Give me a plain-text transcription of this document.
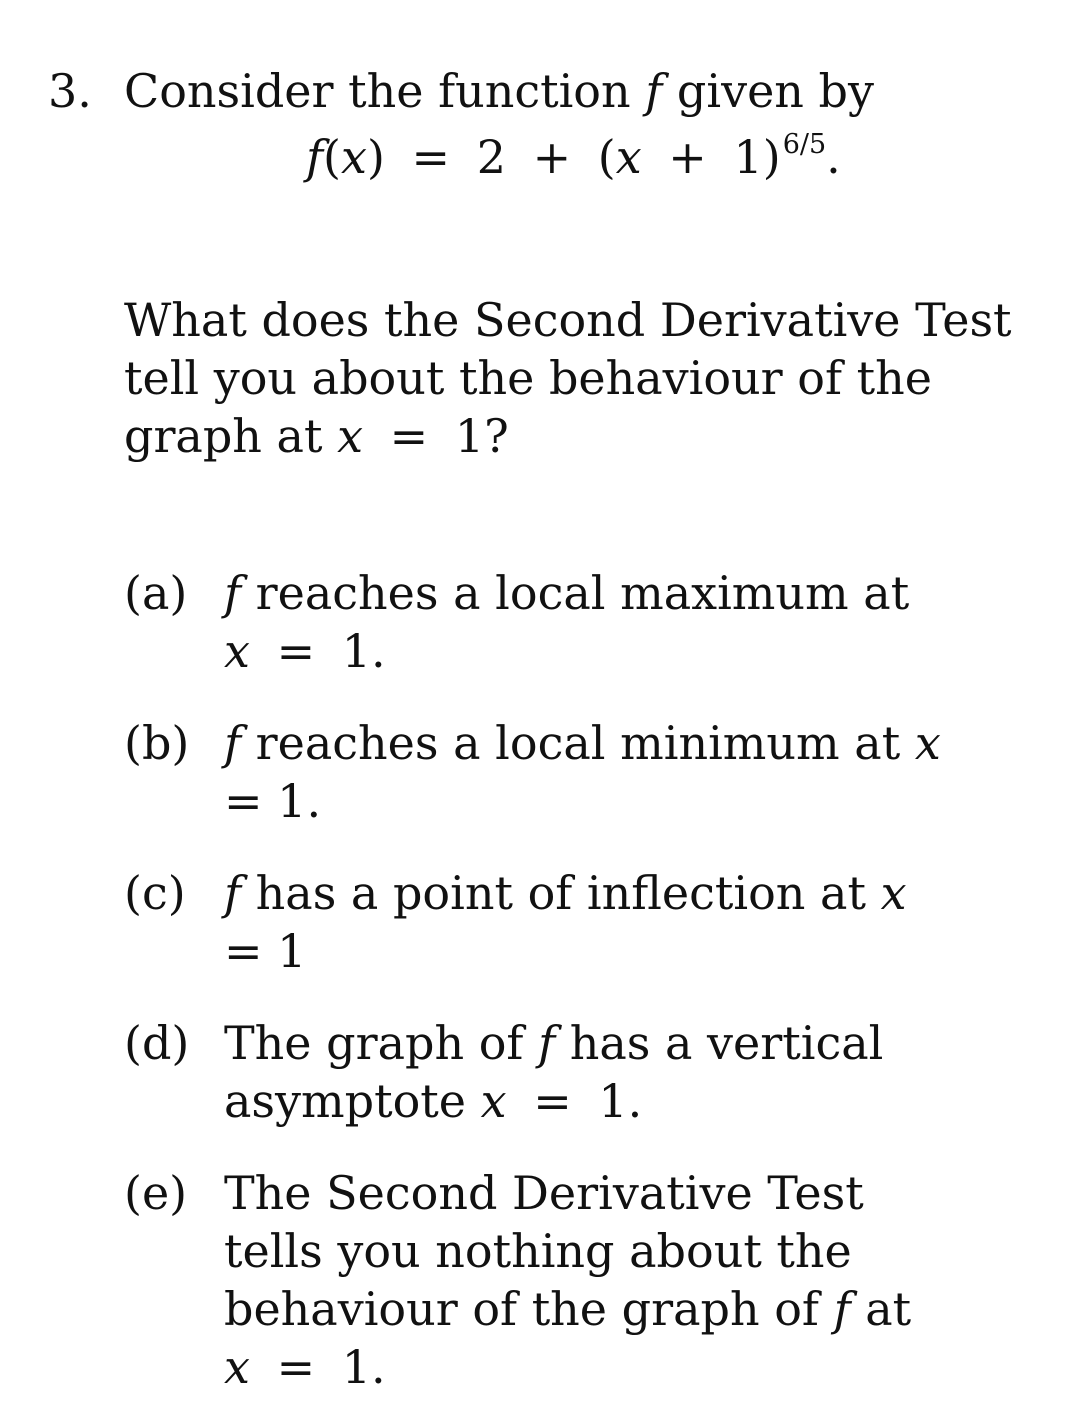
3. Consider the function f given by
$f(x) = 2 + (x + 1)^{6/5}$.
What does the Second Derivative Test
tell you about the behaviour of the
graph at x = 1?
(a) f reaches a local maximum at
x = 1.
(b) f reaches a local minimum at x
= 1.
(c) f has a point of inflection at x
= 1
(d) The graph of f has a vertical
asymptote x = 1.
(e) The Second Derivative Test
tells you nothing about the
behaviour of the graph of f at
x = 1.
